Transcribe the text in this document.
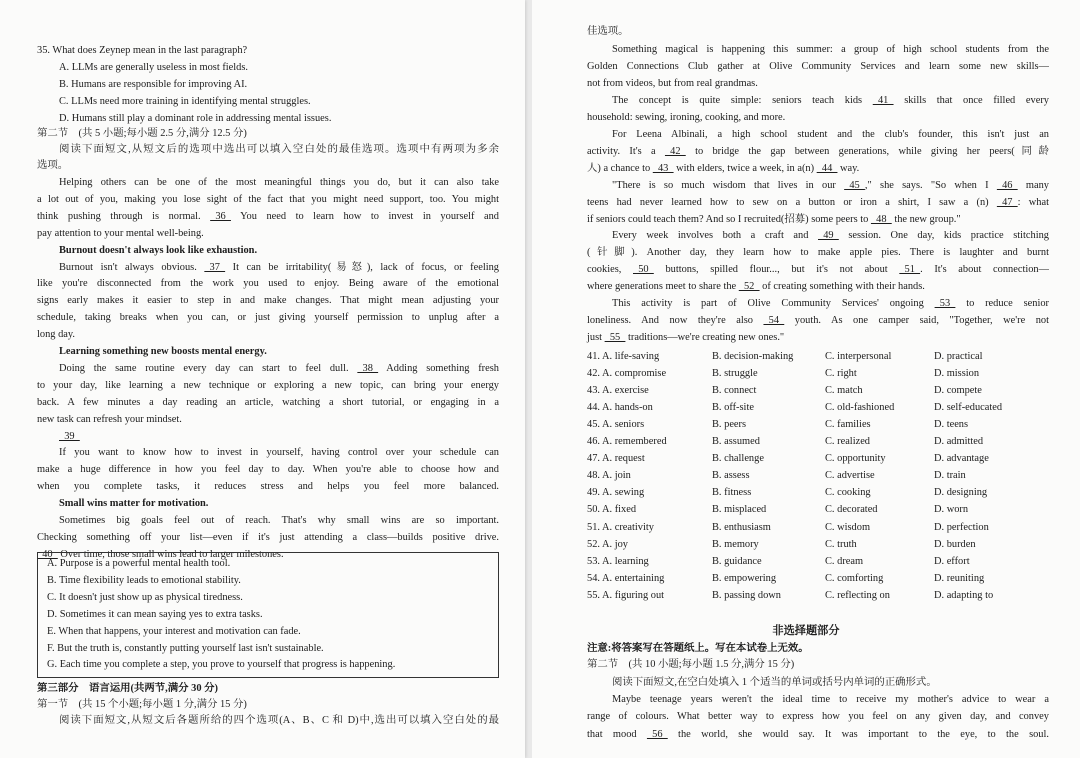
35. What does Zeynep mean in the last paragraph?
A. LLMs are generally useless in most fields.
B. Humans are responsible for improving AI.
C. LLMs need more training in identifying mental struggles.
D. Humans still play a dominant role in addressing mental issues.
第二节　(共 5 小题;每小题 2.5 分,满分 12.5 分)
阅读下面短文,从短文后的选项中选出可以填入空白处的最佳选项。选项中有两项为多余
选项。
Helping others can be one of the most meaningful things you do, but it can also take
a lot out of you, making you lose sight of the fact that you might need support, too. You might
think pushing through is normal.  36  You need to learn how to invest in yourself and
pay attention to your mental well-being.
Burnout doesn't always look like exhaustion.
Burnout isn't always obvious.  37  It can be irritability(易怒), lack of focus, or feeling
like you're disconnected from the work you used to enjoy. Being aware of the emotional
signs early makes it easier to step in and make changes. That might mean adjusting your
schedule, taking breaks when you can, or just giving yourself permission to unplug after a
long day.
Learning something new boosts mental energy.
Doing the same routine every day can start to feel dull.  38  Adding something fresh
to your day, like learning a new technique or exploring a new topic, can bring your energy
back. A few minutes a day reading an article, watching a short tutorial, or engaging in a
new task can refresh your mindset.
 39 
If you want to know how to invest in yourself, having control over your schedule can
make a huge difference in how you feel day to day. When you're able to choose how and
when you complete tasks, it reduces stress and helps you feel more balanced.
Small wins matter for motivation.
Sometimes big goals feel out of reach. That's why small wins are so important.
Checking something off your list—even if it's just attending a class—builds positive drive.
 40  Over time, those small wins lead to larger milestones.
A. Purpose is a powerful mental health tool.
B. Time flexibility leads to emotional stability.
C. It doesn't just show up as physical tiredness.
D. Sometimes it can mean saying yes to extra tasks.
E. When that happens, your interest and motivation can fade.
F. But the truth is, constantly putting yourself last isn't sustainable.
G. Each time you complete a step, you prove to yourself that progress is happening.
第三部分　语言运用(共两节,满分 30 分)
第一节　(共 15 个小题;每小题 1 分,满分 15 分)
阅读下面短文,从短文后各题所给的四个选项(A、B、C 和 D)中,选出可以填入空白处的最
佳选项。
Something magical is happening this summer: a group of high school students from the
Golden Connections Club gather at Olive Community Services and learn some new skills—
not from videos, but from real grandmas.
The concept is quite simple: seniors teach kids  41  skills that once filled every
household: sewing, ironing, cooking, and more.
For Leena Albinali, a high school student and the club's founder, this isn't just an
activity. It's a  42  to bridge the gap between generations, while giving her peers(同龄
人) a chance to  43  with elders, twice a week, in a(n)  44  way.
"There is so much wisdom that lives in our  45 ," she says. "So when I  46  many
teens had never learned how to sew on a button or iron a shirt, I saw a (n)  47 : what
if seniors could teach them? And so I recruited(招募) some peers to  48  the new group."
Every week involves both a craft and  49  session. One day, kids practice stitching
(针脚). Another day, they learn how to make apple pies. There is laughter and burnt
cookies,  50  buttons, spilled flour..., but it's not about  51 . It's about connection—
where generations meet to share the  52  of creating something with their hands.
This activity is part of Olive Community Services' ongoing  53  to reduce senior
loneliness. And now they're also  54  youth. As one camper said, "Together, we're not
just  55  traditions—we're creating new ones."
41. A. life-saving	B. decision-making	C. interpersonal	D. practical
42. A. compromise	B. struggle	C. right	D. mission
43. A. exercise	B. connect	C. match	D. compete
44. A. hands-on	B. off-site	C. old-fashioned	D. self-educated
45. A. seniors	B. peers	C. families	D. teens
46. A. remembered	B. assumed	C. realized	D. admitted
47. A. request	B. challenge	C. opportunity	D. advantage
48. A. join	B. assess	C. advertise	D. train
49. A. sewing	B. fitness	C. cooking	D. designing
50. A. fixed	B. misplaced	C. decorated	D. worn
51. A. creativity	B. enthusiasm	C. wisdom	D. perfection
52. A. joy	B. memory	C. truth	D. burden
53. A. learning	B. guidance	C. dream	D. effort
54. A. entertaining	B. empowering	C. comforting	D. reuniting
55. A. figuring out	B. passing down	C. reflecting on	D. adapting to
非选择题部分
注意:将答案写在答题纸上。写在本试卷上无效。
第二节　(共 10 小题;每小题 1.5 分,满分 15 分)
阅读下面短文,在空白处填入 1 个适当的单词或括号内单词的正确形式。
Maybe teenage years weren't the ideal time to receive my mother's advice to wear a
range of colours. What better way to express how you feel on any given day, and convey
that mood  56  the world, she would say. It was important to the eye, to the soul.
